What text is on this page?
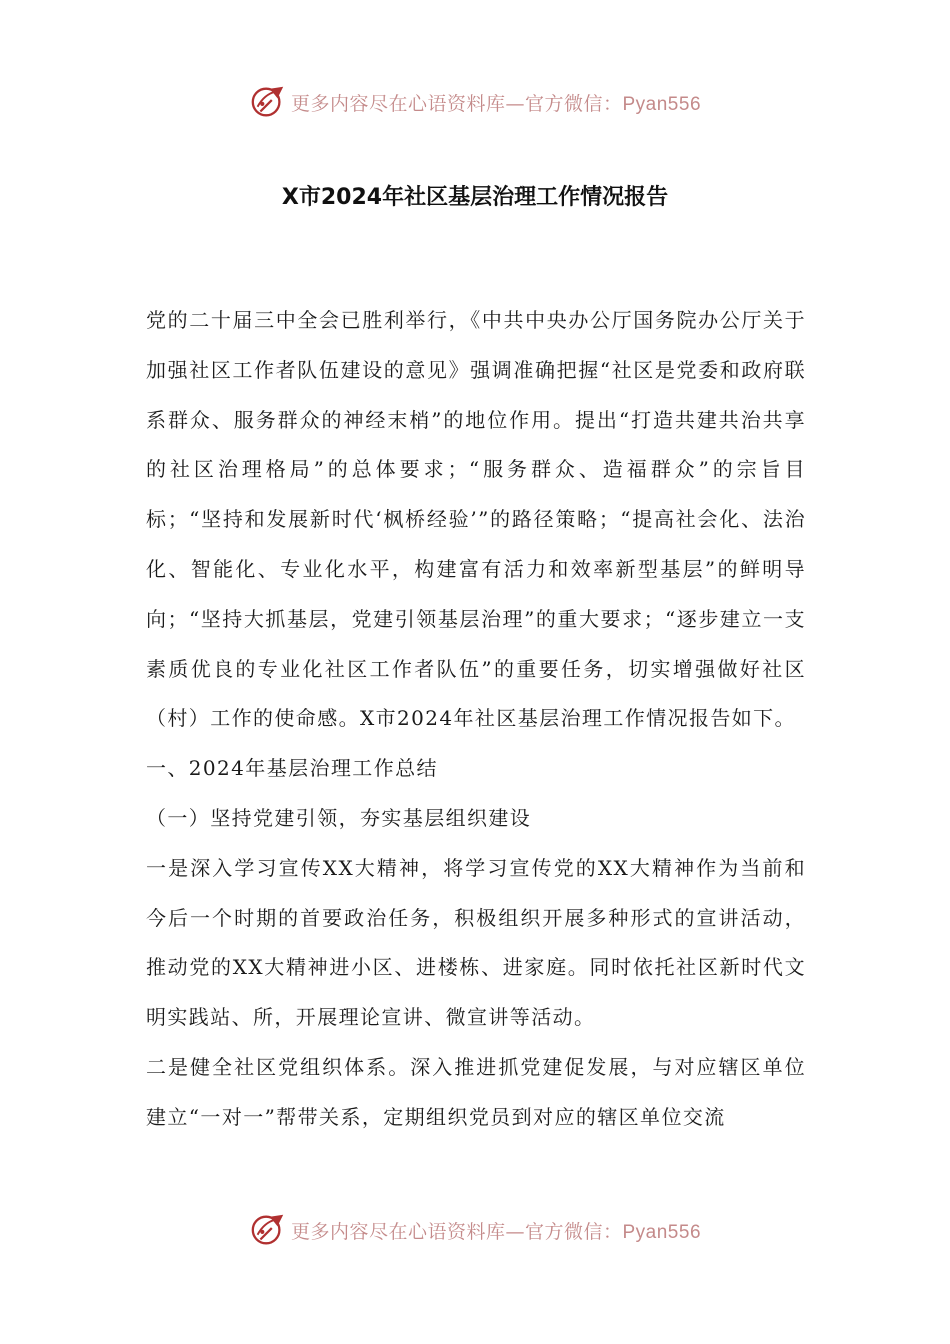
更多内容尽在心语资料库—官方微信：Pyan556
X市2024年社区基层治理工作情况报告

党的二十届三中全会已胜利举行，《中共中央办公厅国务院办公厅关于加强社区工作者队伍建设的意见》强调准确把握“社区是党委和政府联系群众、服务群众的神经末梢”的地位作用。提出“打造共建共治共享的社区治理格局”的总体要求；“服务群众、造福群众”的宗旨目标；“坚持和发展新时代‘枫桥经验’”的路径策略；“提高社会化、法治化、智能化、专业化水平，构建富有活力和效率新型基层”的鲜明导向；“坚持大抓基层，党建引领基层治理”的重大要求；“逐步建立一支素质优良的专业化社区工作者队伍”的重要任务，切实增强做好社区（村）工作的使命感。X市2024年社区基层治理工作情况报告如下。

一、2024年基层治理工作总结

（一）坚持党建引领，夯实基层组织建设

一是深入学习宣传XX大精神，将学习宣传党的XX大精神作为当前和今后一个时期的首要政治任务，积极组织开展多种形式的宣讲活动，推动党的XX大精神进小区、进楼栋、进家庭。同时依托社区新时代文明实践站、所，开展理论宣讲、微宣讲等活动。

二是健全社区党组织体系。深入推进抓党建促发展，与对应辖区单位建立“一对一”帮带关系，定期组织党员到对应的辖区单位交流

更多内容尽在心语资料库—官方微信：Pyan556
